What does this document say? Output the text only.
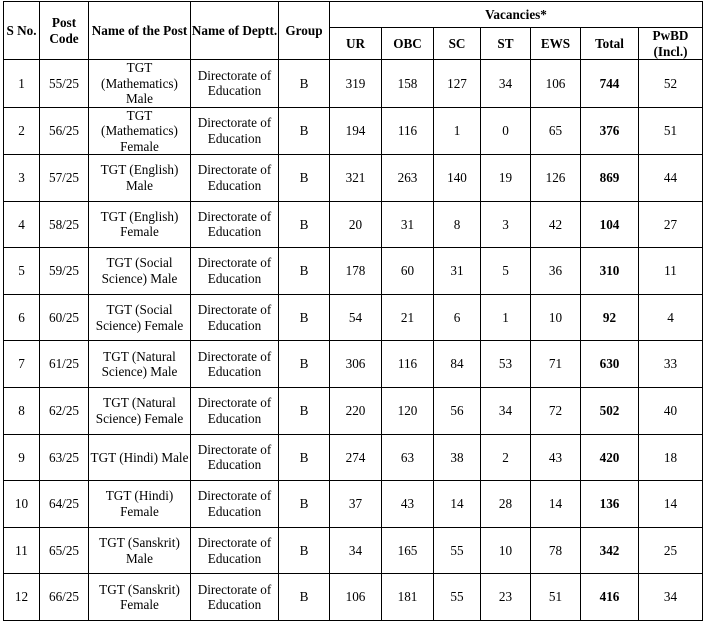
S No.	Post Code	Name of the Post	Name of Deptt.	Group	Vacancies*						
					UR	OBC	SC	ST	EWS	Total	PwBD (Incl.)
1	55/25	TGT (Mathematics) Male	Directorate of Education	B	319	158	127	34	106	744	52
2	56/25	TGT (Mathematics) Female	Directorate of Education	B	194	116	1	0	65	376	51
3	57/25	TGT (English) Male	Directorate of Education	B	321	263	140	19	126	869	44
4	58/25	TGT (English) Female	Directorate of Education	B	20	31	8	3	42	104	27
5	59/25	TGT (Social Science) Male	Directorate of Education	B	178	60	31	5	36	310	11
6	60/25	TGT (Social Science) Female	Directorate of Education	B	54	21	6	1	10	92	4
7	61/25	TGT (Natural Science) Male	Directorate of Education	B	306	116	84	53	71	630	33
8	62/25	TGT (Natural Science) Female	Directorate of Education	B	220	120	56	34	72	502	40
9	63/25	TGT (Hindi) Male	Directorate of Education	B	274	63	38	2	43	420	18
10	64/25	TGT (Hindi) Female	Directorate of Education	B	37	43	14	28	14	136	14
11	65/25	TGT (Sanskrit) Male	Directorate of Education	B	34	165	55	10	78	342	25
12	66/25	TGT (Sanskrit) Female	Directorate of Education	B	106	181	55	23	51	416	34
